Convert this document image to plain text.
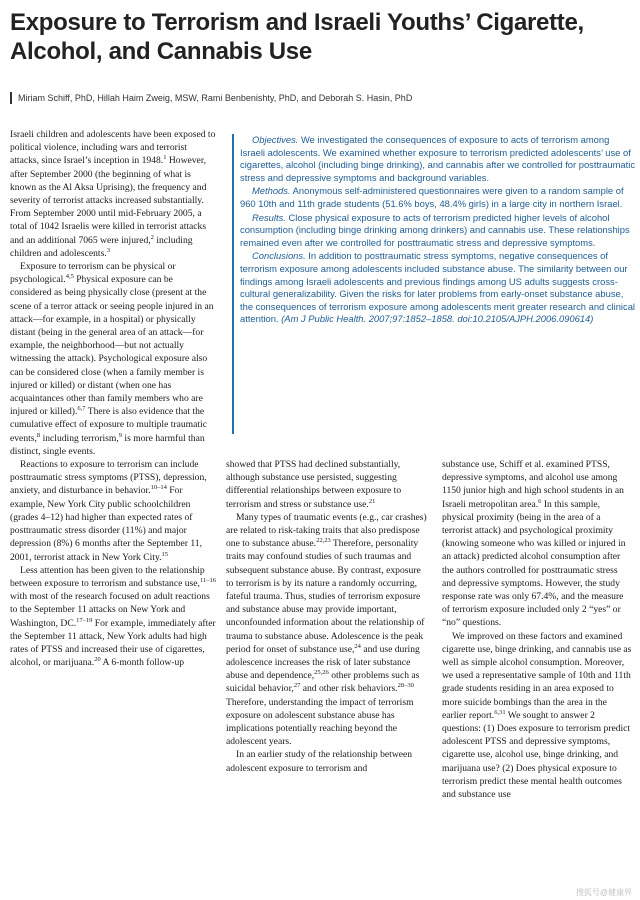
Exposure to Terrorism and Israeli Youths’ Cigarette, Alcohol, and Cannabis Use
Miriam Schiff, PhD, Hillah Haim Zweig, MSW, Rami Benbenishty, PhD, and Deborah S. Hasin, PhD

Israeli children and adolescents have been exposed to political violence, including wars and terrorist attacks, since Israel’s inception in 1948.$^1$ However, after September 2000 (the beginning of what is known as the Al Aksa Uprising), the frequency and severity of terrorist attacks increased substantially. From September 2000 until mid-February 2005, a total of 1042 Israelis were killed in terrorist attacks and an additional 7065 were injured,$^2$ including children and adolescents.$^3$

Exposure to terrorism can be physical or psychological.$^{4,5}$ Physical exposure can be considered as being physically close (present at the scene of a terror attack or seeing people injured in an attack—for example, in a hospital) or physically distant (being in the general area of an attack—for example, the neighborhood—but not actually witnessing the attack). Psychological exposure also can be considered close (when a family member is injured or killed) or distant (when one has acquaintances other than family members who are injured or killed).$^{6,7}$ There is also evidence that the cumulative effect of exposure to multiple traumatic events,$^8$ including terrorism,$^9$ is more harmful than distinct, single events.

Reactions to exposure to terrorism can include posttraumatic stress symptoms (PTSS), depression, anxiety, and disturbance in behavior.$^{10-14}$ For example, New York City public schoolchildren (grades 4–12) had higher than expected rates of posttraumatic stress disorder (11%) and major depression (8%) 6 months after the September 11, 2001, terrorist attack in New York City.$^{15}$

Less attention has been given to the relationship between exposure to terrorism and substance use,$^{11-16}$ with most of the research focused on adult reactions to the September 11 attacks on New York and Washington, DC.$^{17-19}$ For example, immediately after the September 11 attack, New York adults had high rates of PTSS and increased their use of cigarettes, alcohol, or marijuana.$^{20}$ A 6-month follow-up

Objectives. We investigated the consequences of exposure to acts of terrorism among Israeli adolescents. We examined whether exposure to terrorism predicted adolescents’ use of cigarettes, alcohol (including binge drinking), and cannabis after we controlled for posttraumatic stress and depressive symptoms and background variables.

Methods. Anonymous self-administered questionnaires were given to a random sample of 960 10th and 11th grade students (51.6% boys, 48.4% girls) in a large city in northern Israel.

Results. Close physical exposure to acts of terrorism predicted higher levels of alcohol consumption (including binge drinking among drinkers) and cannabis use. These relationships remained even after we controlled for posttraumatic stress and depressive symptoms.

Conclusions. In addition to posttraumatic stress symptoms, negative consequences of terrorism exposure among adolescents included substance abuse. The similarity between our findings among Israeli adolescents and previous findings among US adults suggests cross-cultural generalizability. Given the risks for later problems from early-onset substance abuse, the consequences of terrorism exposure among adolescents merit greater research and clinical attention. (Am J Public Health. 2007;97:1852–1858. doi:10.2105/AJPH.2006.090614)

showed that PTSS had declined substantially, although substance use persisted, suggesting differential relationships between exposure to terrorism and stress or substance use.$^{21}$

Many types of traumatic events (e.g., car crashes) are related to risk-taking traits that also predispose one to substance abuse.$^{22,23}$ Therefore, personality traits may confound studies of such traumas and subsequent substance abuse. By contrast, exposure to terrorism is by its nature a randomly occurring, fateful trauma. Thus, studies of terrorism exposure and substance abuse may provide important, unconfounded information about the relationship of trauma to substance abuse. Adolescence is the peak period for onset of substance use,$^{24}$ and use during adolescence increases the risk of later substance abuse and dependence,$^{25,26}$ other problems such as suicidal behavior,$^{27}$ and other risk behaviors.$^{28-30}$ Therefore, understanding the impact of terrorism exposure on adolescent substance abuse has implications potentially reaching beyond the adolescent years.

In an earlier study of the relationship between adolescent exposure to terrorism and

substance use, Schiff et al. examined PTSS, depressive symptoms, and alcohol use among 1150 junior high and high school students in an Israeli metropolitan area.$^6$ In this sample, physical proximity (being in the area of a terrorist attack) and psychological proximity (knowing someone who was killed or injured in an attack) predicted alcohol consumption after the authors controlled for posttraumatic stress and depressive symptoms. However, the study response rate was only 67.4%, and the measure of terrorism exposure included only 2 “yes” or “no” questions.

We improved on these factors and examined cigarette use, binge drinking, and cannabis use as well as simple alcohol consumption. Moreover, we used a representative sample of 10th and 11th grade students residing in an area exposed to more suicide bombings than the area in the earlier report.$^{6,31}$ We sought to answer 2 questions: (1) Does exposure to terrorism predict adolescent PTSS and depressive symptoms, cigarette use, alcohol use, binge drinking, and marijuana use? (2) Does physical exposure to terrorism predict these mental health outcomes and substance use

搜狐号@健康界
